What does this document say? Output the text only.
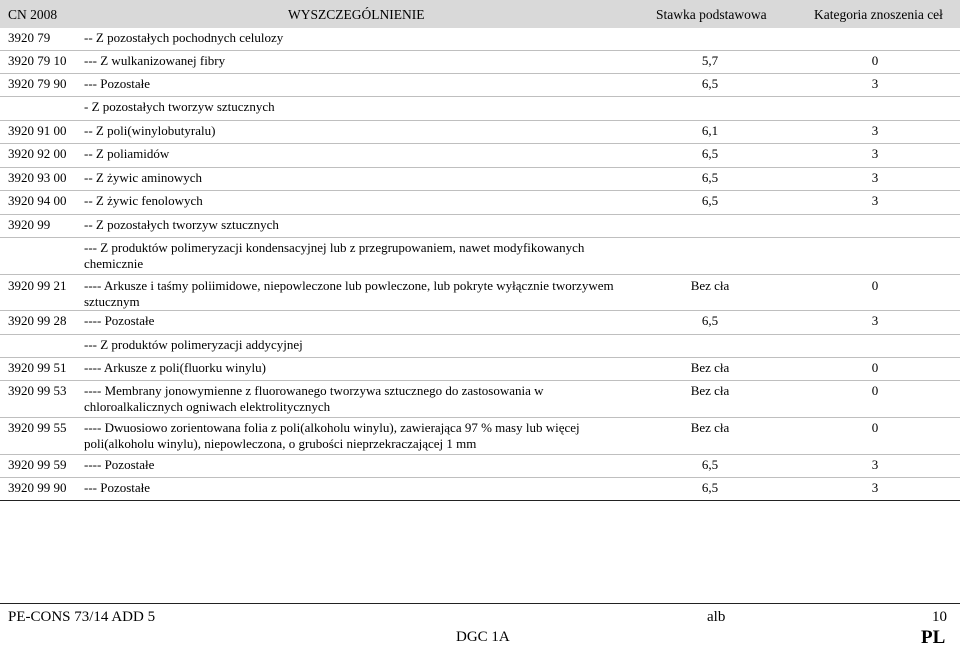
CN 2008	WYSZCZEGÓLNIENIE	Stawka podstawowa	Kategoria znoszenia ceł
3920 79	-- Z pozostałych pochodnych celulozy
3920 79 10 --- Z wulkanizowanej fibry	5,7	0
3920 79 90 --- Pozostałe	6,5	3
- Z pozostałych tworzyw sztucznych
3920 91 00 -- Z poli(winylobutyralu)	6,1	3
3920 92 00 -- Z poliamidów	6,5	3
3920 93 00 -- Z żywic aminowych	6,5	3
3920 94 00 -- Z żywic fenolowych	6,5	3
3920 99	-- Z pozostałych tworzyw sztucznych
--- Z produktów polimeryzacji kondensacyjnej lub z przegrupowaniem, nawet modyfikowanych chemicznie
3920 99 21 ---- Arkusze i taśmy poliimidowe, niepowleczone lub powleczone, lub pokryte wyłącznie tworzywem sztucznym
Bez cła	0
3920 99 28 ---- Pozostałe	6,5	3
--- Z produktów polimeryzacji addycyjnej
3920 99 51 ---- Arkusze z poli(fluorku winylu)	Bez cła	0
3920 99 53 ---- Membrany jonowymienne z fluorowanego tworzywa sztucznego do zastosowania w chloroalkalicznych ogniwach elektrolitycznych
Bez cła	0
3920 99 55 ---- Dwuosiowo zorientowana folia z poli(alkoholu winylu), zawierająca 97 % masy lub więcej poli(alkoholu winylu), niepowleczona, o grubości nieprzekraczającej 1 mm
Bez cła	0
3920 99 59 ---- Pozostałe	6,5	3
3920 99 90 --- Pozostałe	6,5	3
PE-CONS 73/14 ADD 5	alb	10
DGC 1A	PL
